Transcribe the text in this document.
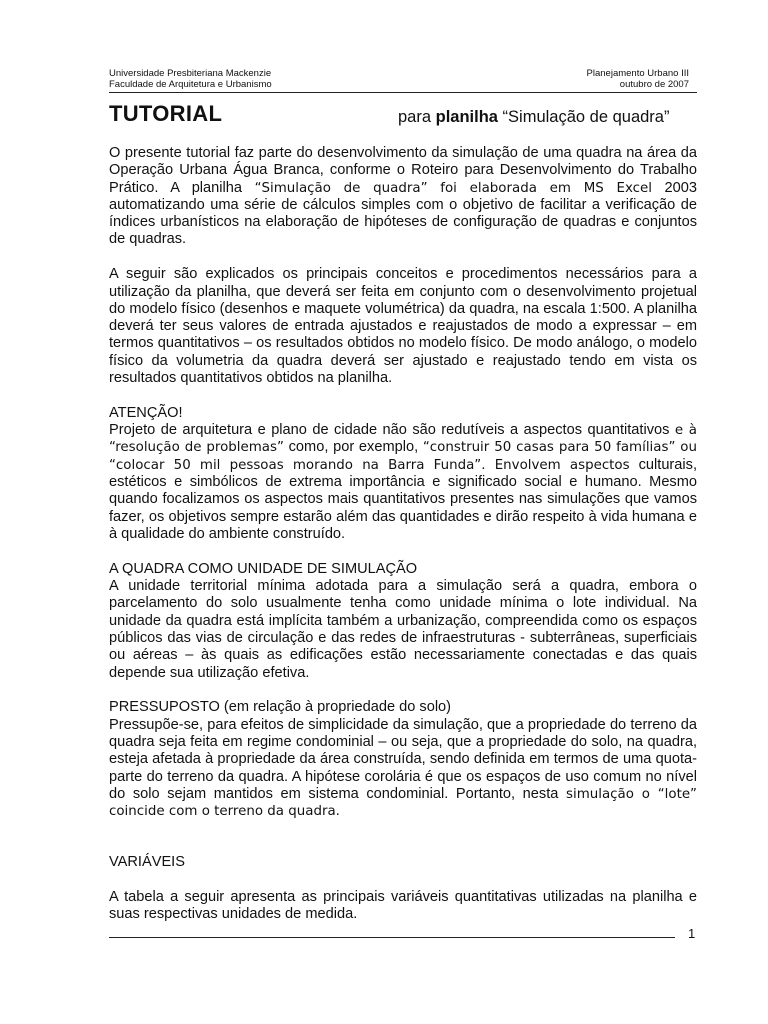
Universidade Presbiteriana Mackenzie
Faculdade de Arquitetura e Urbanismo
Planejamento Urbano III
outubro de 2007
TUTORIAL	para planilha “Simulação de quadra”

O presente tutorial faz parte do desenvolvimento da simulação de uma quadra na área da Operação Urbana Água Branca, conforme o Roteiro para Desenvolvimento do Trabalho Prático. A planilha “Simulação de quadra” foi elaborada em MS Excel 2003 automatizando uma série de cálculos simples com o objetivo de facilitar a verificação de índices urbanísticos na elaboração de hipóteses de configuração de quadras e conjuntos de quadras.

A seguir são explicados os principais conceitos e procedimentos necessários para a utilização da planilha, que deverá ser feita em conjunto com o desenvolvimento projetual do modelo físico (desenhos e maquete volumétrica) da quadra, na escala 1:500. A planilha deverá ter seus valores de entrada ajustados e reajustados de modo a expressar – em termos quantitativos – os resultados obtidos no modelo físico. De modo análogo, o modelo físico da volumetria da quadra deverá ser ajustado e reajustado tendo em vista os resultados quantitativos obtidos na planilha.

ATENÇÃO!

Projeto de arquitetura e plano de cidade não são redutíveis a aspectos quantitativos e à “resolução de problemas” como, por exemplo, “construir 50 casas para 50 famílias” ou “colocar 50 mil pessoas morando na Barra Funda”. Envolvem aspectos culturais, estéticos e simbólicos de extrema importância e significado social e humano. Mesmo quando focalizamos os aspectos mais quantitativos presentes nas simulações que vamos fazer, os objetivos sempre estarão além das quantidades e dirão respeito à vida humana e à qualidade do ambiente construído.

A QUADRA COMO UNIDADE DE SIMULAÇÃO

A unidade territorial mínima adotada para a simulação será a quadra, embora o parcelamento do solo usualmente tenha como unidade mínima o lote individual. Na unidade da quadra está implícita também a urbanização, compreendida como os espaços públicos das vias de circulação e das redes de infraestruturas - subterrâneas, superficiais ou aéreas – às quais as edificações estão necessariamente conectadas e das quais depende sua utilização efetiva.

PRESSUPOSTO (em relação à propriedade do solo)

Pressupõe-se, para efeitos de simplicidade da simulação, que a propriedade do terreno da quadra seja feita em regime condominial – ou seja, que a propriedade do solo, na quadra, esteja afetada à propriedade da área construída, sendo definida em termos de uma quota-parte do terreno da quadra. A hipótese corolária é que os espaços de uso comum no nível do solo sejam mantidos em sistema condominial. Portanto, nesta simulação o “lote” coincide com o terreno da quadra.

VARIÁVEIS

A tabela a seguir apresenta as principais variáveis quantitativas utilizadas na planilha e suas respectivas unidades de medida.

1
